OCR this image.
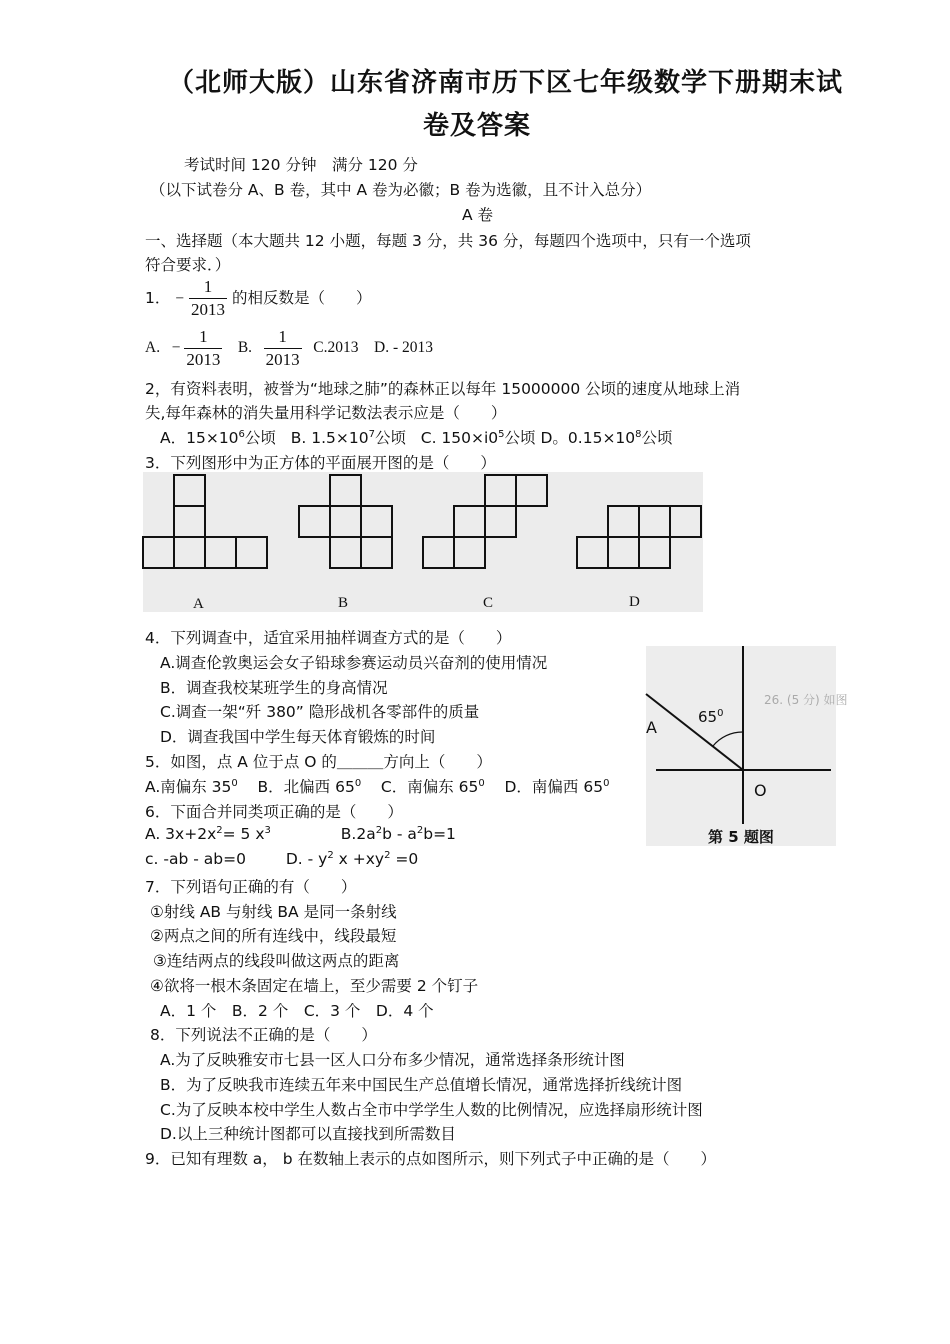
（北师大版）山东省济南市历下区七年级数学下册期末试
卷及答案
考试时间 120 分钟　满分 120 分
（以下试卷分 A、B 卷，其中 A 卷为必徽；B 卷为选徽，且不计入总分）
A 卷
一、选择题（本大题共 12 小题，每题 3 分，共 36 分，每题四个选项中，只有一个选项
符合要求．）
1． − $\frac{1}{2013}$ 的相反数是（　　）
A. − $\frac{1}{2013} B$. $\frac{1}{2013} C.2013$ D. - 2013
2，有资料表明，被誉为“地球之肺”的森林正以每年 15000000 公顷的速度从地球上消
失,每年森林的消失量用科学记数法表示应是（　　）
A．$15\times 10^6$公顷 B. $1.5\times 10^7$公顷 C. $150\times i0^5$公顷 D。$0.15\times 10^8$公顷
3．下列图形中为正方体的平面展开图的是（　　）
A	B	C	D
4．下列调查中，适宜采用抽样调查方式的是（　　）
A.调查伦敦奥运会女子铅球参赛运动员兴奋剂的使用情况
B．调查我校某班学生的身高情况
C.调查一架“歼 380” 隐形战机各零部件的质量
D．调查我国中学生每天体育锻炼的时间
26. (5 分) 如图
$65^0$
A
O
第 5 题图
5．如图，点 A 位于点 O 的＿＿＿方向上（　　）
A.南偏东 $35^0$ B．北偏西 $65^0$ C．南偏东 $65^0$ D．南偏西 $65^0$
6．下面合并同类项正确的是（　　）
A. $3x+2x^2= 5$ $x^3$	$B.2a^2b - a^2b=1$
c. -ab - ab=0	D. - $y^2$ $x +xy^2 =0$
7．下列语句正确的有（　　）
①射线 AB 与射线 BA 是同一条射线
②两点之间的所有连线中，线段最短
③连结两点的线段叫做这两点的距离
④欲将一根木条固定在墙上，至少需要 2 个钉子
A．1 个　B．2 个　C．3 个　D．4 个
8．下列说法不正确的是（　　）
A.为了反映雅安市七县一区人口分布多少情况，通常选择条形统计图
B．为了反映我市连续五年来中国民生产总值增长情况，通常选择折线统计图
C.为了反映本校中学生人数占全市中学学生人数的比例情况，应选择扇形统计图
D.以上三种统计图都可以直接找到所需数目
9．已知有理数 a， b 在数轴上表示的点如图所示，则下列式子中正确的是（　　）
